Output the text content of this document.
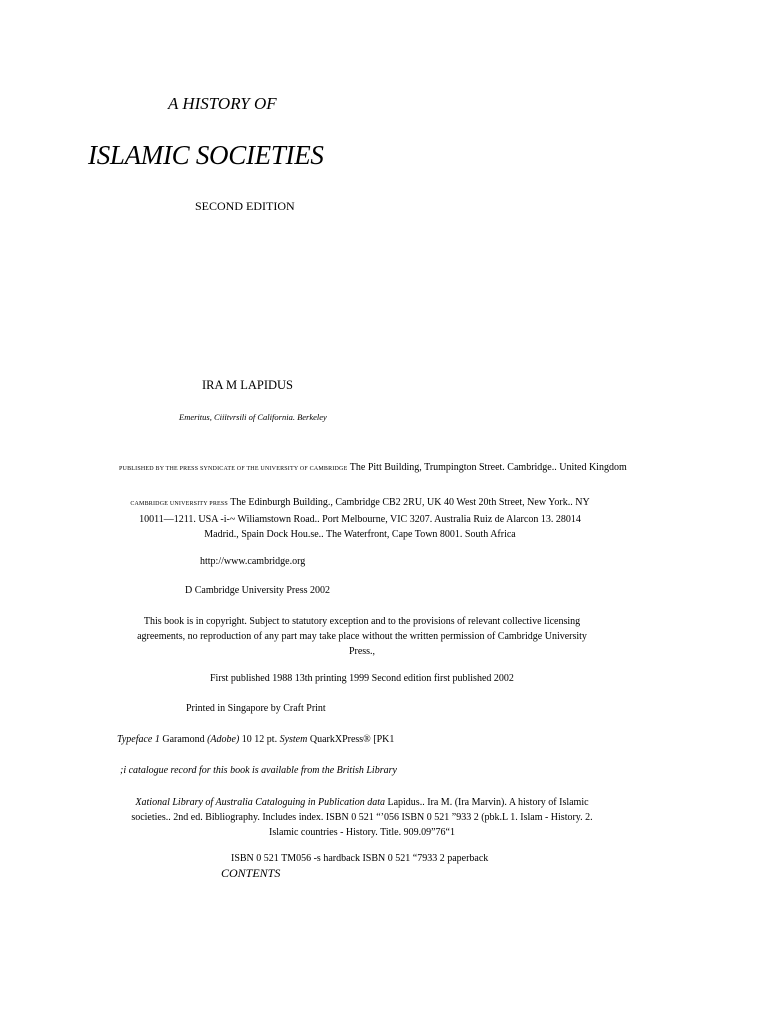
A HISTORY OF
ISLAMIC SOCIETIES
SECOND EDITION
IRA M LAPIDUS
Emeritus, Ciiïtvrsili of California. Berkeley
PUBLISHED BY THE PRESS SYNDICATE OF THE UNIVERSITY OF CAMBRIDGE The Pitt Building, Trumpington Street. Cambridge.. United Kingdom
CAMBRIDGE UNIVERSITY PRESS The Edinburgh Building., Cambridge CB2 2RU, UK 40 West 20th Street, New York.. NY
10011—1211. USA -i-~ Wiliamstown Road.. Port Melbourne, VIC 3207. Australia Ruiz de Alarcon 13. 28014
Madrid., Spain Dock Hou.se.. The Waterfront, Cape Town 8001. South Africa
http://www.cambridge.org
D Cambridge University Press 2002
This book is in copyright. Subject to statutory exception and to the provisions of relevant collective licensing
agreements, no reproduction of any part may take place without the written permission of Cambridge University
Press.,
First published 1988 13th printing 1999 Second edition first published 2002
Printed in Singapore by Craft Print
Typeface 1 Garamond (Adobe) 10 12 pt. System QuarkXPress® [PK1
;i catalogue record for this book is available from the British Library
Xational Library of Australia Cataloguing in Publication data Lapidus.. Ira M. (Ira Marvin). A history of Islamic
societies.. 2nd ed. Bibliography. Includes index. ISBN 0 521 “’056 ISBN 0 521 ”933 2 (pbk.L 1. Islam - History. 2.
Islamic countries - History. Title. 909.09”76“1
ISBN 0 521 TM056 -s hardback ISBN 0 521 “7933 2 paperback
CONTENTS
